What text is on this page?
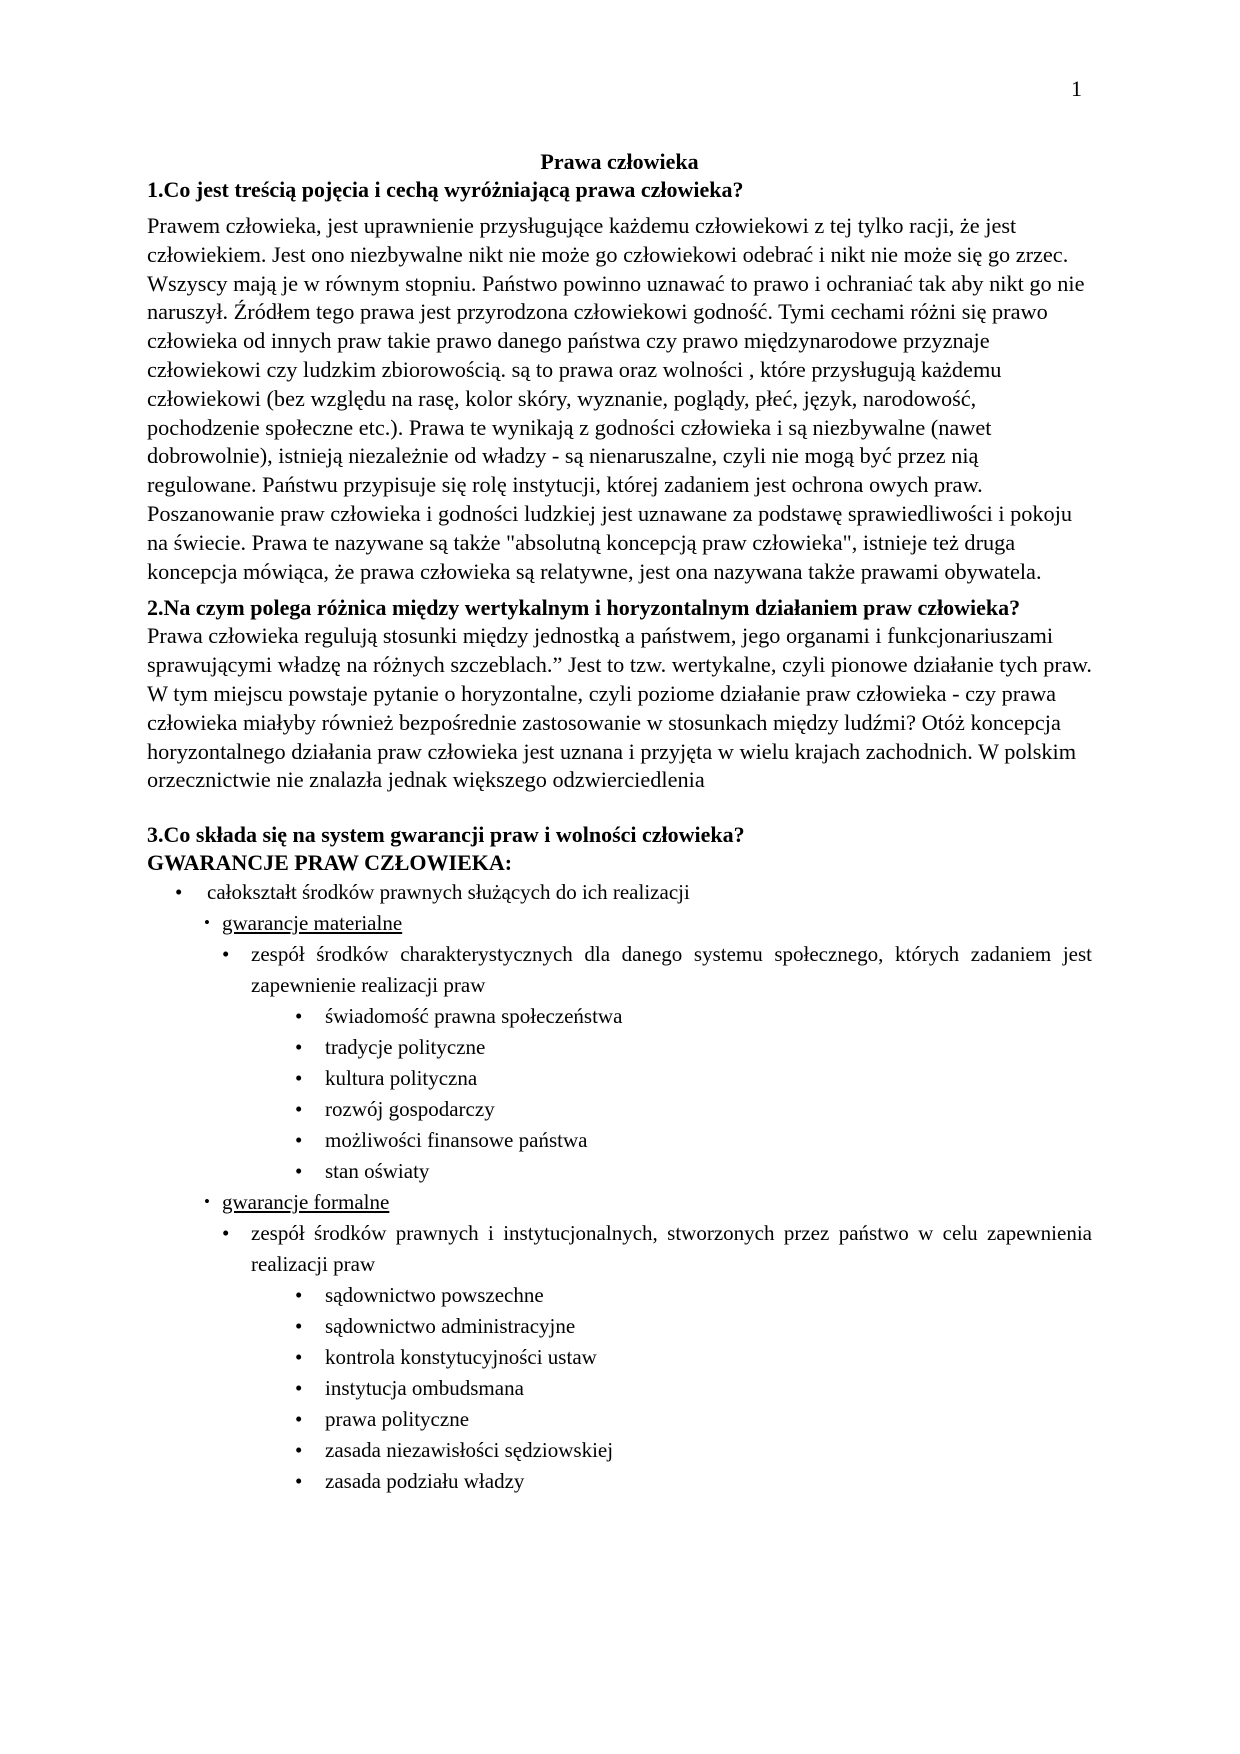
1

Prawa człowieka

1.Co jest treścią pojęcia i cechą wyróżniającą prawa człowieka?

Prawem człowieka, jest uprawnienie przysługujące każdemu człowiekowi z tej tylko racji, że jest człowiekiem. Jest ono niezbywalne nikt nie może go człowiekowi odebrać i nikt nie może się go zrzec. Wszyscy mają je w równym stopniu. Państwo powinno uznawać to prawo i ochraniać tak aby nikt go nie naruszył. Źródłem tego prawa jest przyrodzona człowiekowi godność. Tymi cechami różni się prawo człowieka od innych praw takie prawo danego państwa czy prawo międzynarodowe przyznaje człowiekowi czy ludzkim zbiorowością. są to prawa oraz wolności , które przysługują każdemu człowiekowi (bez względu na rasę, kolor skóry, wyznanie, poglądy, płeć, język, narodowość, pochodzenie społeczne etc.). Prawa te wynikają z godności człowieka i są niezbywalne (nawet dobrowolnie), istnieją niezależnie od władzy - są nienaruszalne, czyli nie mogą być przez nią regulowane. Państwu przypisuje się rolę instytucji, której zadaniem jest ochrona owych praw. Poszanowanie praw człowieka i godności ludzkiej jest uznawane za podstawę sprawiedliwości i pokoju na świecie. Prawa te nazywane są także "absolutną koncepcją praw człowieka", istnieje też druga koncepcja mówiąca, że prawa człowieka są relatywne, jest ona nazywana także prawami obywatela.

2.Na czym polega różnica między wertykalnym i horyzontalnym działaniem praw człowieka?

Prawa człowieka regulują stosunki między jednostką a państwem, jego organami i funkcjonariuszami sprawującymi władzę na różnych szczeblach.” Jest to tzw. wertykalne, czyli pionowe działanie tych praw. W tym miejscu powstaje pytanie o horyzontalne, czyli poziome działanie praw człowieka - czy prawa człowieka miałyby również bezpośrednie zastosowanie w stosunkach między ludźmi? Otóż koncepcja horyzontalnego działania praw człowieka jest uznana i przyjęta w wielu krajach zachodnich. W polskim orzecznictwie nie znalazła jednak większego odzwierciedlenia

3.Co składa się na system gwarancji praw i wolności człowieka?

GWARANCJE PRAW CZŁOWIEKA:

• całokształt środków prawnych służących do ich realizacji
• gwarancje materialne
• zespół środków charakterystycznych dla danego systemu społecznego, których zadaniem jest zapewnienie realizacji praw
• świadomość prawna społeczeństwa
• tradycje polityczne
• kultura polityczna
• rozwój gospodarczy
• możliwości finansowe państwa
• stan oświaty
• gwarancje formalne
• zespół środków prawnych i instytucjonalnych, stworzonych przez państwo w celu zapewnienia realizacji praw
• sądownictwo powszechne
• sądownictwo administracyjne
• kontrola konstytucyjności ustaw
• instytucja ombudsmana
• prawa polityczne
• zasada niezawisłości sędziowskiej
• zasada podziału władzy
